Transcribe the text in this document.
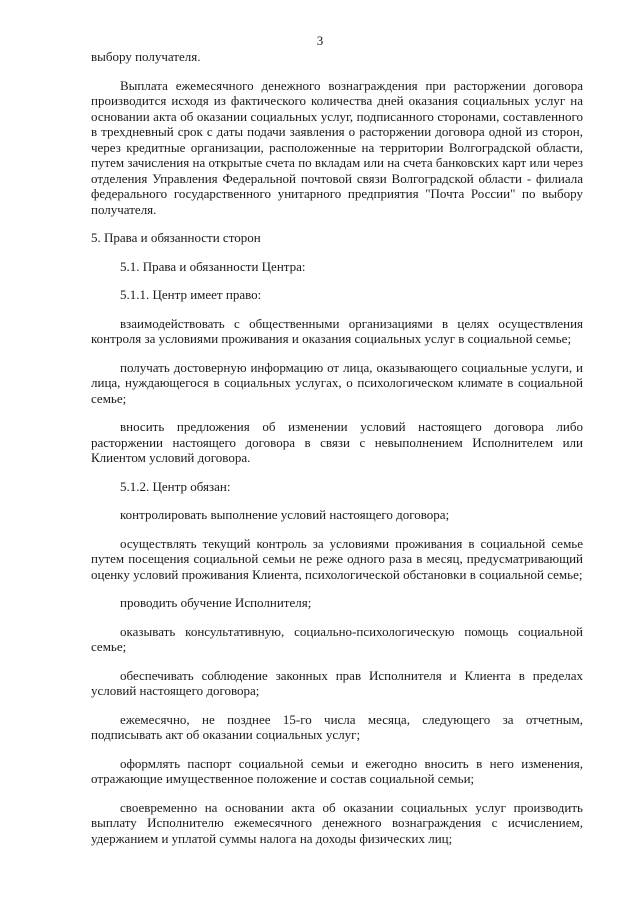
3

выбору получателя.

Выплата ежемесячного денежного вознаграждения при расторжении договора производится исходя из фактического количества дней оказания социальных услуг на основании акта об оказании социальных услуг, подписанного сторонами, составленного в трехдневный срок с даты подачи заявления о расторжении договора одной из сторон, через кредитные организации, расположенные на территории Волгоградской области, путем зачисления на открытые счета по вкладам или на счета банковских карт или через отделения Управления Федеральной почтовой связи Волгоградской области - филиала федерального государственного унитарного предприятия "Почта России" по выбору получателя.

5. Права и обязанности сторон

5.1. Права и обязанности Центра:

5.1.1. Центр имеет право:

взаимодействовать с общественными организациями в целях осуществления контроля за условиями проживания и оказания социальных услуг в социальной семье;

получать достоверную информацию от лица, оказывающего социальные услуги, и лица, нуждающегося в социальных услугах, о психологическом климате в социальной семье;

вносить предложения об изменении условий настоящего договора либо расторжении настоящего договора в связи с невыполнением Исполнителем или Клиентом условий договора.

5.1.2. Центр обязан:

контролировать выполнение условий настоящего договора;

осуществлять текущий контроль за условиями проживания в социальной семье путем посещения социальной семьи не реже одного раза в месяц, предусматривающий оценку условий проживания Клиента, психологической обстановки в социальной семье;

проводить обучение Исполнителя;

оказывать консультативную, социально-психологическую помощь социальной семье;

обеспечивать соблюдение законных прав Исполнителя и Клиента в пределах условий настоящего договора;

ежемесячно, не позднее 15-го числа месяца, следующего за отчетным, подписывать акт об оказании социальных услуг;

оформлять паспорт социальной семьи и ежегодно вносить в него изменения, отражающие имущественное положение и состав социальной семьи;

своевременно на основании акта об оказании социальных услуг производить выплату Исполнителю ежемесячного денежного вознаграждения с исчислением, удержанием и уплатой суммы налога на доходы физических лиц;
